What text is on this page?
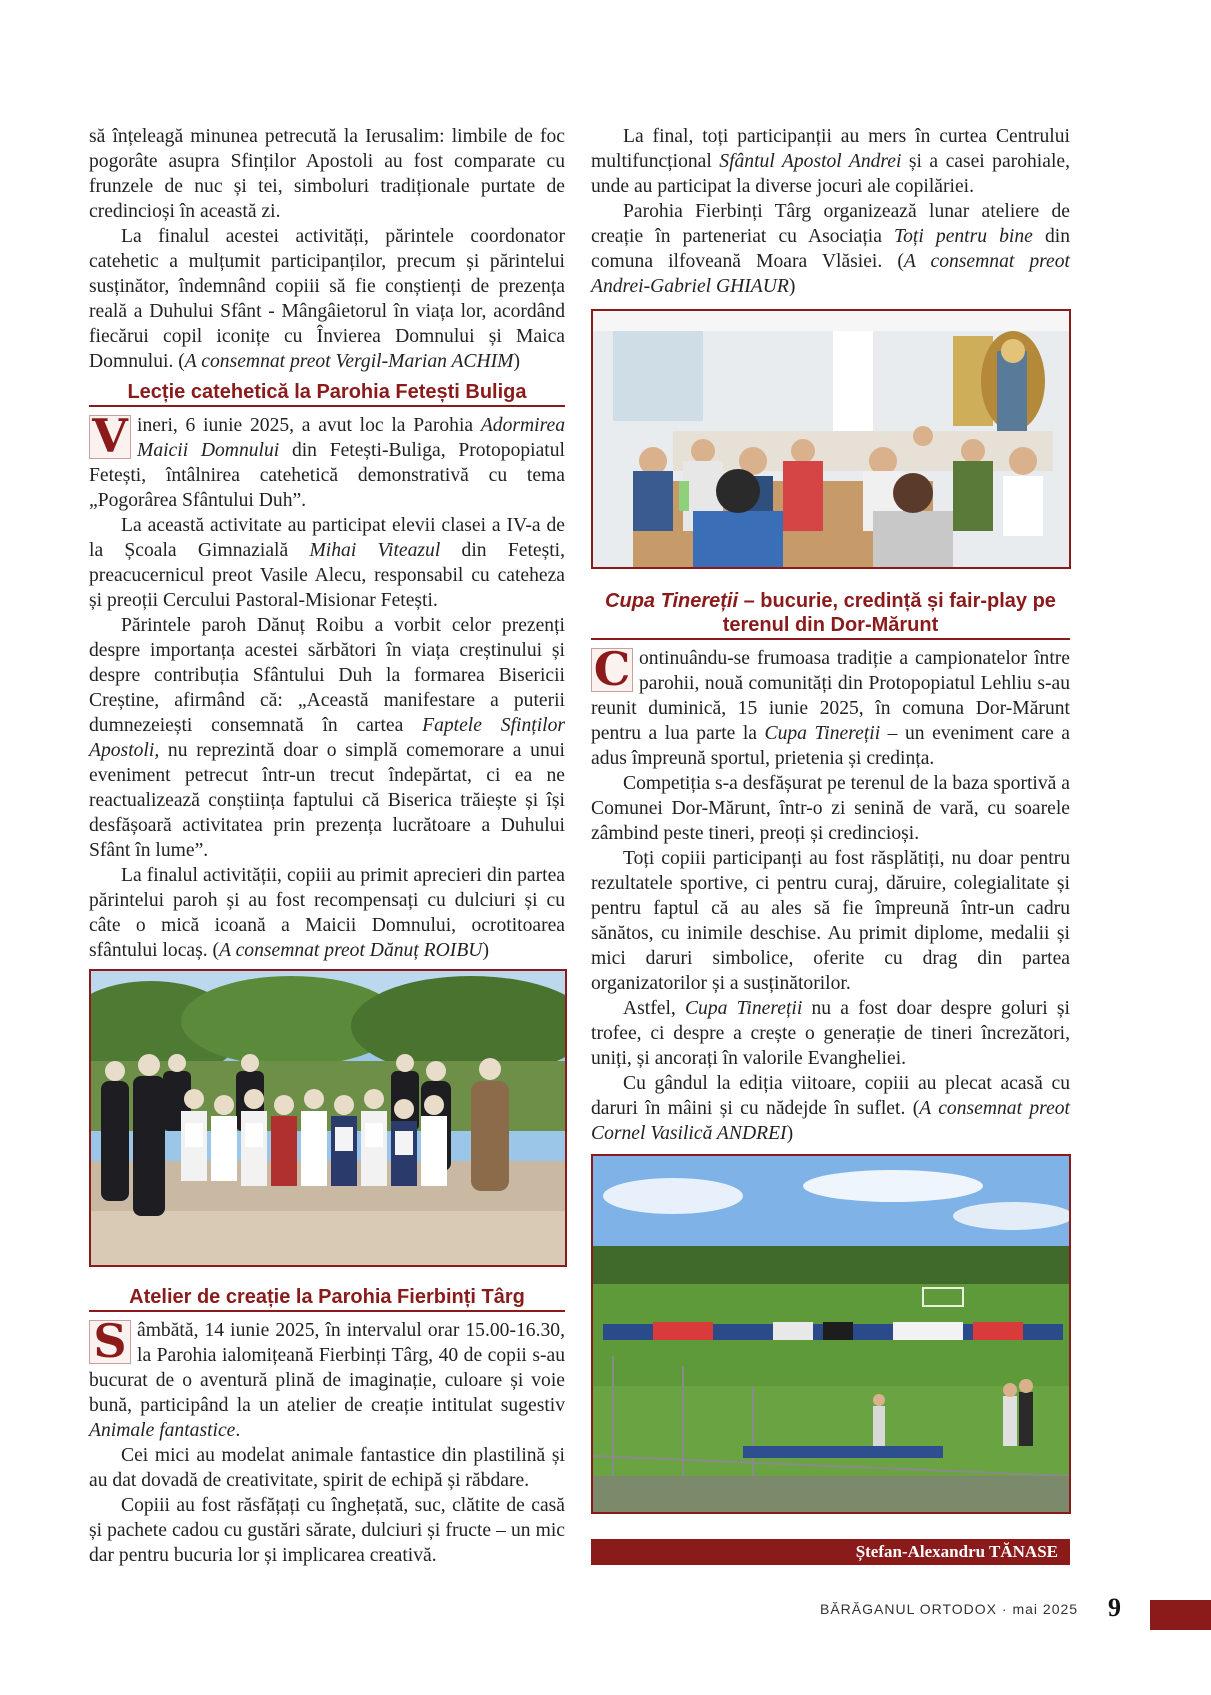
să înțeleagă minunea petrecută la Ierusalim: limbile de foc pogorâte asupra Sfinților Apostoli au fost comparate cu frunzele de nuc și tei, simboluri tradiționale purtate de credincioși în această zi.

La finalul acestei activități, părintele coordonator catehetic a mulțumit participanților, precum și părintelui susținător, îndemnând copiii să fie conștienți de prezența reală a Duhului Sfânt - Mângâietorul în viața lor, acordând fiecărui copil iconițe cu Învierea Domnului și Maica Domnului. (A consemnat preot Vergil-Marian ACHIM)

Lecție catehetică la Parohia Fetești Buliga

V ineri, 6 iunie 2025, a avut loc la Parohia Adormirea Maicii Domnului din Fetești-Buliga, Protopopiatul Fetești, întâlnirea catehetică demonstrativă cu tema „Pogorârea Sfântului Duh”.

La această activitate au participat elevii clasei a IV-a de la Școala Gimnazială Mihai Viteazul din Fetești, preacucernicul preot Vasile Alecu, responsabil cu cateheza și preoții Cercului Pastoral-Misionar Fetești.

Părintele paroh Dănuț Roibu a vorbit celor prezenți despre importanța acestei sărbători în viața creștinului și despre contribuția Sfântului Duh la formarea Bisericii Creștine, afirmând că: „Această manifestare a puterii dumnezeiești consemnată în cartea Faptele Sfinților Apostoli, nu reprezintă doar o simplă comemorare a unui eveniment petrecut într-un trecut îndepărtat, ci ea ne reactualizează conștiința faptului că Biserica trăiește și își desfășoară activitatea prin prezența lucrătoare a Duhului Sfânt în lume”.

La finalul activității, copiii au primit aprecieri din partea părintelui paroh și au fost recompensați cu dulciuri și cu câte o mică icoană a Maicii Domnului, ocrotitoarea sfântului locaș. (A consemnat preot Dănuț ROIBU)

Atelier de creație la Parohia Fierbinți Târg

S âmbătă, 14 iunie 2025, în intervalul orar 15.00-16.30, la Parohia ialomițeană Fierbinți Târg, 40 de copii s-au bucurat de o aventură plină de imaginație, culoare și voie bună, participând la un atelier de creație intitulat sugestiv Animale fantastice.

Cei mici au modelat animale fantastice din plastilină și au dat dovadă de creativitate, spirit de echipă și răbdare.

Copiii au fost răsfățați cu înghețată, suc, clătite de casă și pachete cadou cu gustări sărate, dulciuri și fructe – un mic dar pentru bucuria lor și implicarea creativă.

La final, toți participanții au mers în curtea Centrului multifuncțional Sfântul Apostol Andrei și a casei parohiale, unde au participat la diverse jocuri ale copilăriei.

Parohia Fierbinți Târg organizează lunar ateliere de creație în parteneriat cu Asociația Toți pentru bine din comuna ilfoveană Moara Vlăsiei. (A consemnat preot Andrei-Gabriel GHIAUR)

Cupa Tinereții – bucurie, credință și fair-play pe terenul din Dor-Mărunt

C ontinuându-se frumoasa tradiție a campionatelor între parohii, nouă comunități din Protopopiatul Lehliu s-au reunit duminică, 15 iunie 2025, în comuna Dor-Mărunt pentru a lua parte la Cupa Tinereții – un eveniment care a adus împreună sportul, prietenia și credința.

Competiția s-a desfășurat pe terenul de la baza sportivă a Comunei Dor-Mărunt, într-o zi senină de vară, cu soarele zâmbind peste tineri, preoți și credincioși.

Toți copiii participanți au fost răsplătiți, nu doar pentru rezultatele sportive, ci pentru curaj, dăruire, colegialitate și pentru faptul că au ales să fie împreună într-un cadru sănătos, cu inimile deschise. Au primit diplome, medalii și mici daruri simbolice, oferite cu drag din partea organizatorilor și a susținătorilor.

Astfel, Cupa Tinereții nu a fost doar despre goluri și trofee, ci despre a crește o generație de tineri încrezători, uniți, și ancorați în valorile Evangheliei.

Cu gândul la ediția viitoare, copiii au plecat acasă cu daruri în mâini și cu nădejde în suflet. (A consemnat preot Cornel Vasilică ANDREI)

Ștefan-Alexandru TĂNASE
BĂRĂGANUL ORTODOX · mai 2025 9
